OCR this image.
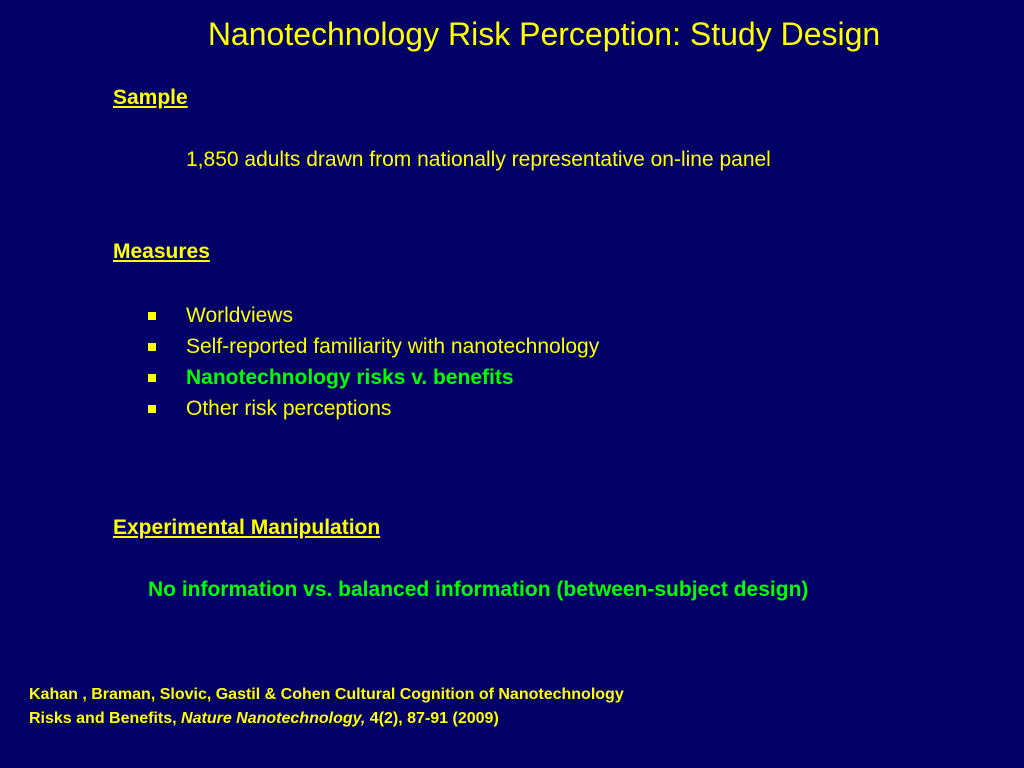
Nanotechnology Risk Perception: Study Design
Sample
1,850 adults drawn from nationally representative on-line panel
Measures
Worldviews
Self-reported familiarity with nanotechnology
Nanotechnology risks v. benefits
Other risk perceptions
Experimental Manipulation
No information vs. balanced information (between-subject design)
Kahan , Braman, Slovic, Gastil & Cohen Cultural Cognition of Nanotechnology
Risks and Benefits, Nature Nanotechnology, 4(2), 87-91 (2009)
